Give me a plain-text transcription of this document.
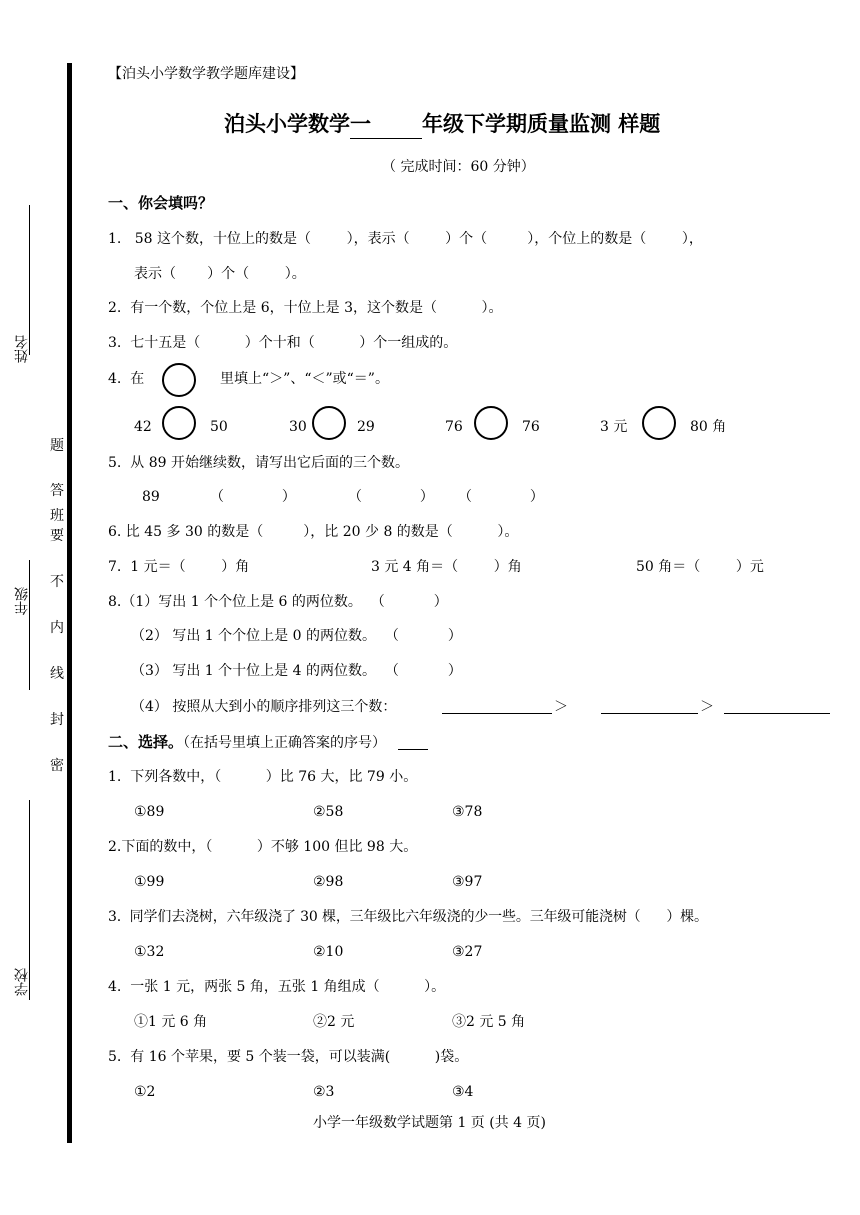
姓名
年级
学校
题
答
班
要
不
内
线
封
密
【泊头小学数学教学题库建设】
泊头小学数学一 年级下学期质量监测 样题
（ 完成时间：60 分钟）
一、你会填吗？
1.   58 这个数，十位上的数是（        ），表示（        ）个（         ），个位上的数是（        ），
表示（       ）个（        ）。
2.  有一个数，个位上是 6，十位上是 3，这个数是（          ）。
3.  七十五是（          ）个十和（          ）个一组成的。
4.  在	里填上“＞”、“＜”或“＝”。
42	50	30	29	76	76	3 元	80 角
5.  从 89 开始继续数，请写出它后面的三个数。
89	（             ）	（             ） （             ）
6. 比 45 多 30 的数是（         ），比 20 少 8 的数是（          ）。
7.  1 元＝（        ）角	3 元 4 角＝（        ）角	50 角＝（        ）元
8.（1）写出 1 个个位上是 6 的两位数。  （           ）
（2） 写出 1 个个位上是 0 的两位数。  （           ）
（3） 写出 1 个十位上是 4 的两位数。  （           ）
（4） 按照从大到小的顺序排列这三个数：	＞	＞
二、选择。（在括号里填上正确答案的序号）
1.  下列各数中，（          ）比 76 大，比 79 小。
①89	②58	③78
2.下面的数中，（          ）不够 100 但比 98 大。
①99	②98	③97
3.  同学们去浇树，六年级浇了 30 棵，三年级比六年级浇的少一些。三年级可能浇树（      ）棵。
①32	②10	③27
4.  一张 1 元，两张 5 角，五张 1 角组成（          ）。
①1 元 6 角	②2 元	③2 元 5 角
5.  有 16 个苹果，要 5 个装一袋，可以装满(          )袋。
①2	②3	③4
小学一年级数学试题第 1 页 (共 4 页)
